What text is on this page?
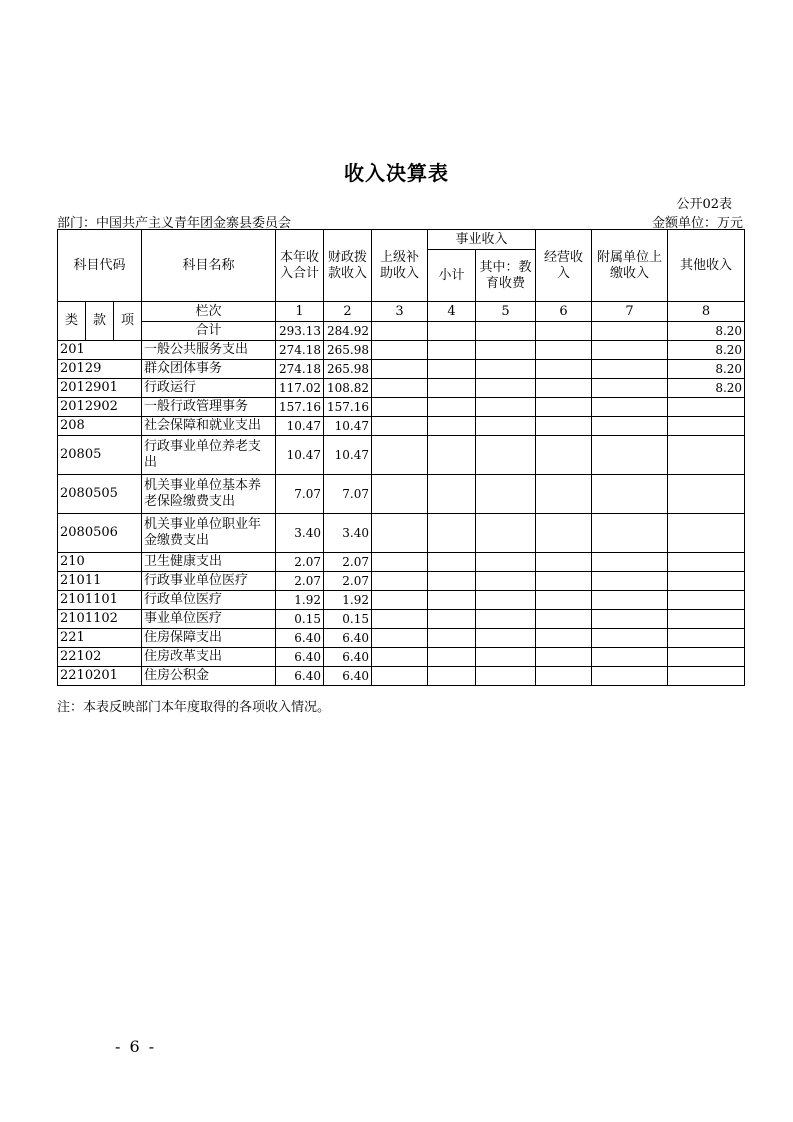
收入决算表
公开02表
部门：中国共产主义青年团金寨县委员会	金额单位：万元
科目代码			科目名称	本年收入合计	财政拨款收入	上级补助收入	事业收入		经营收入	附属单位上缴收入	其他收入
							小计	其中：教育收费			

类	款	项	栏次	1	2	3	4	5	6	7	8
			合计	293.13	284.92						8.20
201			一般公共服务支出	274.18	265.98						8.20
20129			群众团体事务	274.18	265.98						8.20
2012901			行政运行	117.02	108.82						8.20
2012902			一般行政管理事务	157.16	157.16						
208			社会保障和就业支出	10.47	10.47						
20805			行政事业单位养老支出	10.47	10.47						
2080505			机关事业单位基本养老保险缴费支出	7.07	7.07						
2080506			机关事业单位职业年金缴费支出	3.40	3.40						
210			卫生健康支出	2.07	2.07						
21011			行政事业单位医疗	2.07	2.07						
2101101			行政单位医疗	1.92	1.92						
2101102			事业单位医疗	0.15	0.15						
221			住房保障支出	6.40	6.40						
22102			住房改革支出	6.40	6.40						
2210201			住房公积金	6.40	6.40						
注：本表反映部门本年度取得的各项收入情况。
- 6 -
